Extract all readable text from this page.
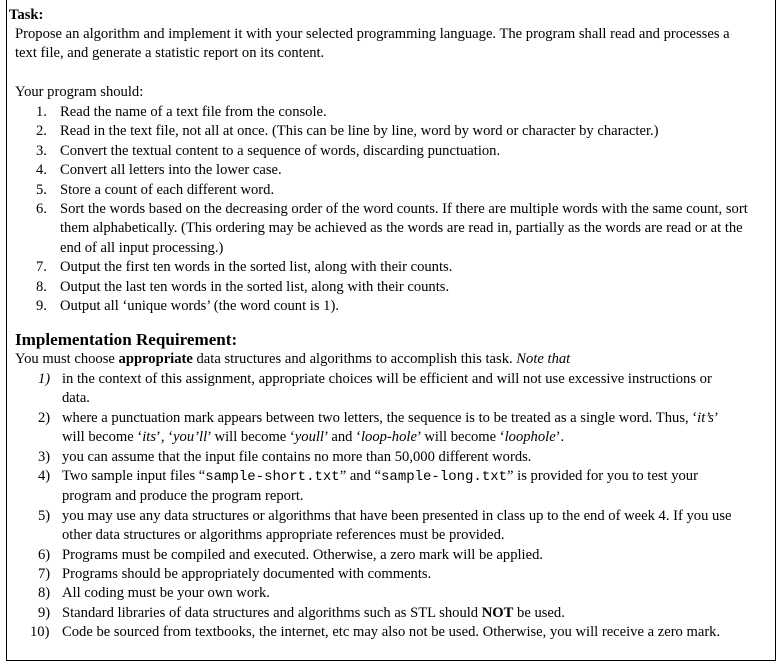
Task:

Propose an algorithm and implement it with your selected programming language. The program shall read and processes a text file, and generate a statistic report on its content.

Your program should:

1. Read the name of a text file from the console.
2. Read in the text file, not all at once. (This can be line by line, word by word or character by character.)
3. Convert the textual content to a sequence of words, discarding punctuation.
4. Convert all letters into the lower case.
5. Store a count of each different word.
6. Sort the words based on the decreasing order of the word counts. If there are multiple words with the same count, sort them alphabetically. (This ordering may be achieved as the words are read in, partially as the words are read or at the end of all input processing.)
7. Output the first ten words in the sorted list, along with their counts.
8. Output the last ten words in the sorted list, along with their counts.
9. Output all ‘unique words’ (the word count is 1).
Implementation Requirement:

You must choose appropriate data structures and algorithms to accomplish this task. Note that

1) in the context of this assignment, appropriate choices will be efficient and will not use excessive instructions or data.
2) where a punctuation mark appears between two letters, the sequence is to be treated as a single word. Thus, ‘it’s’ will become ‘its’, ‘you’ll’ will become ‘youll’ and ‘loop-hole’ will become ‘loophole’.
3) you can assume that the input file contains no more than 50,000 different words.
4) Two sample input files “sample-short.txt” and “sample-long.txt” is provided for you to test your program and produce the program report.
5) you may use any data structures or algorithms that have been presented in class up to the end of week 4. If you use other data structures or algorithms appropriate references must be provided.
6) Programs must be compiled and executed. Otherwise, a zero mark will be applied.
7) Programs should be appropriately documented with comments.
8) All coding must be your own work.
9) Standard libraries of data structures and algorithms such as STL should NOT be used.
10) Code be sourced from textbooks, the internet, etc may also not be used. Otherwise, you will receive a zero mark.
